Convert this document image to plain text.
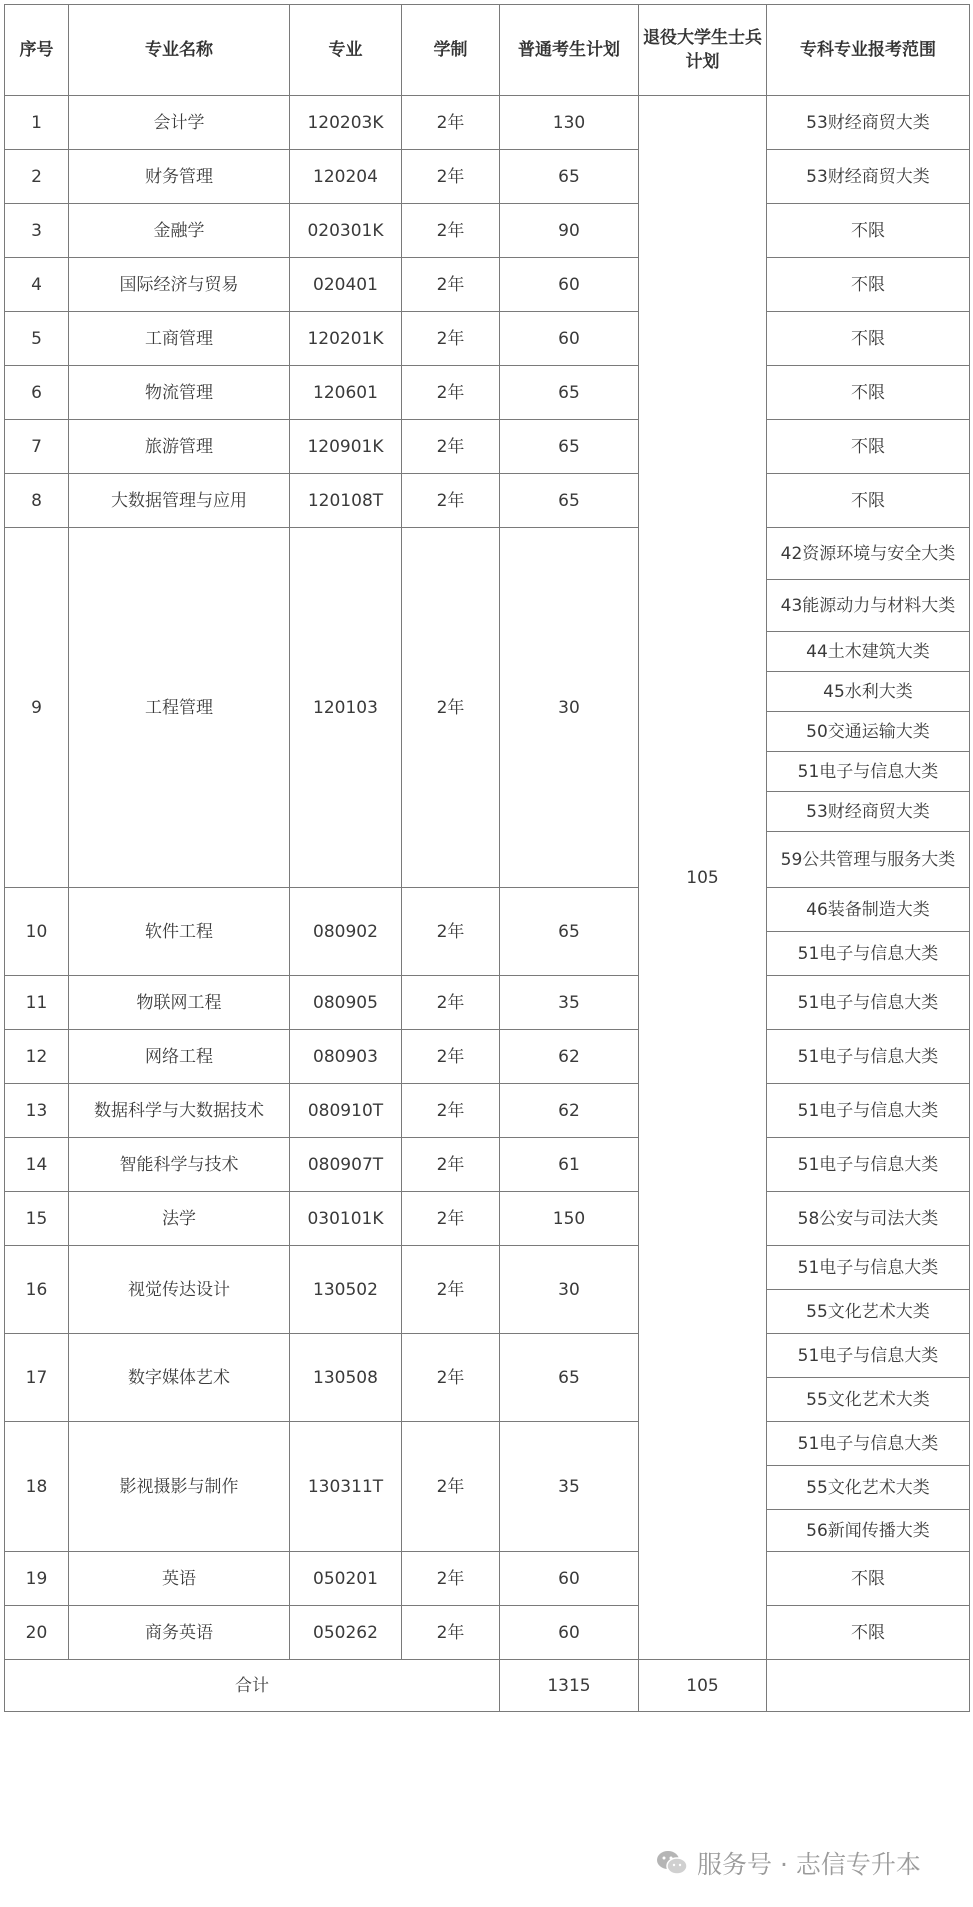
序号	专业名称	专业	学制	普通考生计划	退役大学生士兵计划	专科专业报考范围
1	会计学	120203K	2年	130	105	53财经商贸大类
2	财务管理	120204	2年	65		53财经商贸大类
3	金融学	020301K	2年	90		不限
4	国际经济与贸易	020401	2年	60		不限
5	工商管理	120201K	2年	60		不限
6	物流管理	120601	2年	65		不限
7	旅游管理	120901K	2年	65		不限
8	大数据管理与应用	120108T	2年	65		不限
9	工程管理	120103	2年	30		42资源环境与安全大类
						43能源动力与材料大类
						44土木建筑大类
						45水利大类
						50交通运输大类
						51电子与信息大类
						53财经商贸大类
						59公共管理与服务大类
10	软件工程	080902	2年	65		46装备制造大类
						51电子与信息大类
11	物联网工程	080905	2年	35		51电子与信息大类
12	网络工程	080903	2年	62		51电子与信息大类
13	数据科学与大数据技术	080910T	2年	62		51电子与信息大类
14	智能科学与技术	080907T	2年	61		51电子与信息大类
15	法学	030101K	2年	150		58公安与司法大类
16	视觉传达设计	130502	2年	30		51电子与信息大类
						55文化艺术大类
17	数字媒体艺术	130508	2年	65		51电子与信息大类
						55文化艺术大类
18	影视摄影与制作	130311T	2年	35		51电子与信息大类
						55文化艺术大类
						56新闻传播大类
19	英语	050201	2年	60		不限
20	商务英语	050262	2年	60		不限
合计				1315	105	
服务号 · 志信专升本
